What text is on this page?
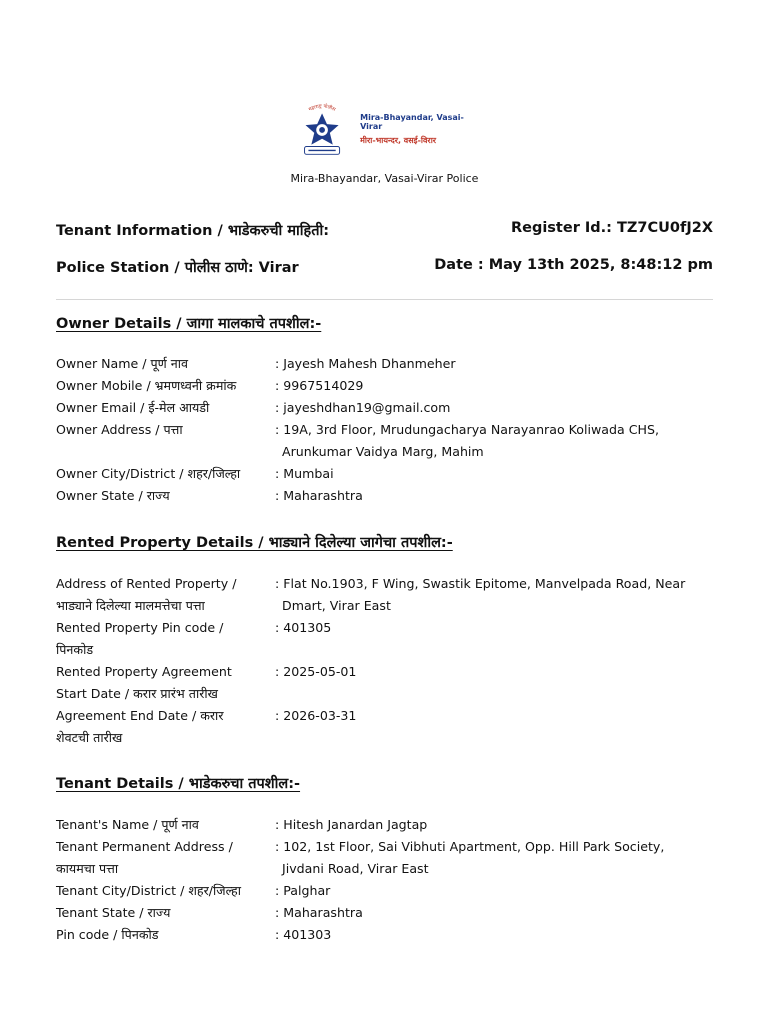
महाराष्ट्र पोलीस
Mira-Bhayandar, Vasai-Virar
मीरा-भायन्दर, वसई-विरार
Mira-Bhayandar, Vasai-Virar Police
Tenant Information / भाडेकरुची माहिती:	Register Id.: TZ7CU0fJ2X
Police Station / पोलीस ठाणे: Virar	Date : May 13th 2025, 8:48:12 pm
Owner Details / जागा मालकाचे तपशील:-
Owner Name / पूर्ण नाव	: Jayesh Mahesh Dhanmeher
Owner Mobile / भ्रमणध्वनी क्रमांक	: 9967514029
Owner Email / ई-मेल आयडी	: jayeshdhan19@gmail.com
Owner Address / पत्ता	: 19A, 3rd Floor, Mrudungacharya Narayanrao Koliwada CHS,
Arunkumar Vaidya Marg, Mahim
Owner City/District / शहर/जिल्हा	: Mumbai
Owner State / राज्य	: Maharashtra
Rented Property Details / भाड्याने दिलेल्या जागेचा तपशील:-
Address of Rented Property /
भाड्याने दिलेल्या मालमत्तेचा पत्ता
: Flat No.1903, F Wing, Swastik Epitome, Manvelpada Road, Near
Dmart, Virar East
Rented Property Pin code /
पिनकोड
: 401305
Rented Property Agreement
Start Date / करार प्रारंभ तारीख
: 2025-05-01
Agreement End Date / करार
शेवटची तारीख
: 2026-03-31
Tenant Details / भाडेकरुचा तपशील:-
Tenant's Name / पूर्ण नाव	: Hitesh Janardan Jagtap
Tenant Permanent Address /
कायमचा पत्ता
: 102, 1st Floor, Sai Vibhuti Apartment, Opp. Hill Park Society,
Jivdani Road, Virar East
Tenant City/District / शहर/जिल्हा	: Palghar
Tenant State / राज्य	: Maharashtra
Pin code / पिनकोड	: 401303
